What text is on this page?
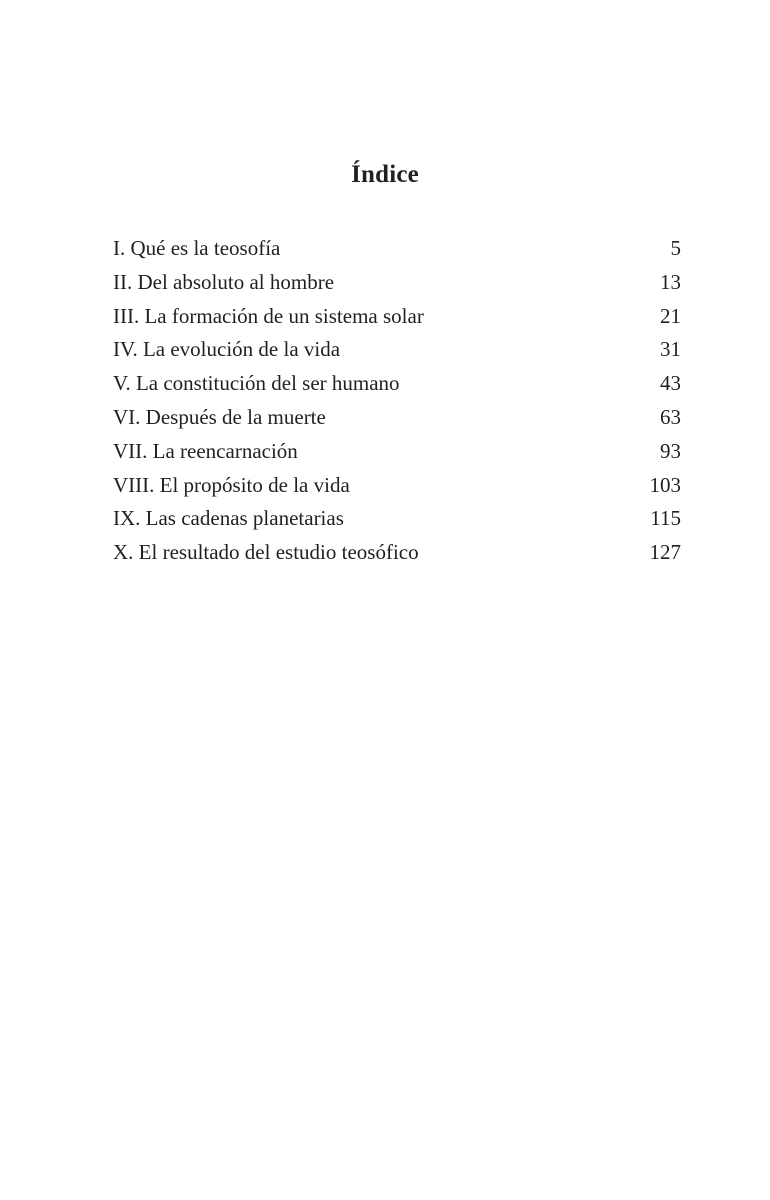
Índice
I. Qué es la teosofía	5
II. Del absoluto al hombre	13
III. La formación de un sistema solar	21
IV. La evolución de la vida	31
V. La constitución del ser humano	43
VI. Después de la muerte	63
VII. La reencarnación	93
VIII. El propósito de la vida	103
IX. Las cadenas planetarias	115
X. El resultado del estudio teosófico	127
